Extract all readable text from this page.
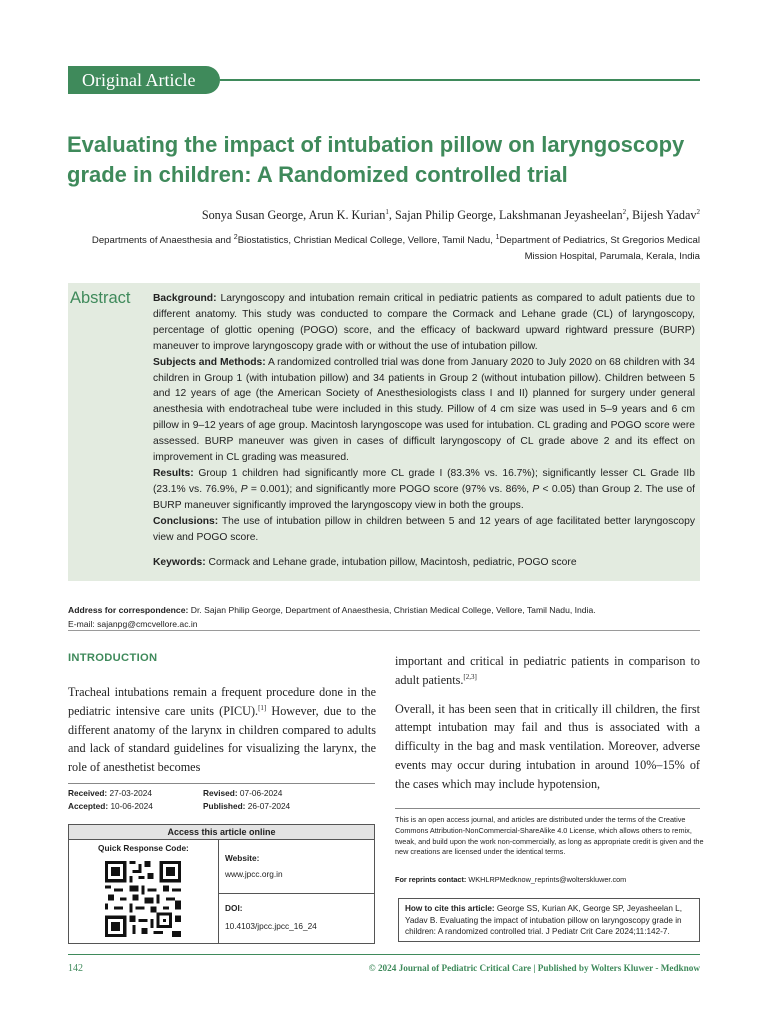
Original Article
Evaluating the impact of intubation pillow on laryngoscopy grade in children: A Randomized controlled trial
Sonya Susan George, Arun K. Kurian$^1$, Sajan Philip George, Lakshmanan Jeyasheelan$^2$, Bijesh Yadav$^2$
Departments of Anaesthesia and $^2$Biostatistics, Christian Medical College, Vellore, Tamil Nadu, $^1$Department of Pediatrics, St Gregorios Medical Mission Hospital, Parumala, Kerala, India
Abstract	Background: Laryngoscopy and intubation remain critical in pediatric patients as compared to adult patients due to different anatomy. This study was conducted to compare the Cormack and Lehane grade (CL) of laryngoscopy, percentage of glottic opening (POGO) score, and the efficacy of backward upward rightward pressure (BURP) maneuver to improve laryngoscopy grade with or without the use of intubation pillow.

Subjects and Methods: A randomized controlled trial was done from January 2020 to July 2020 on 68 children with 34 children in Group 1 (with intubation pillow) and 34 patients in Group 2 (without intubation pillow). Children between 5 and 12 years of age (the American Society of Anesthesiologists class I and II) planned for surgery under general anesthesia with endotracheal tube were included in this study. Pillow of 4 cm size was used in 5–9 years and 6 cm pillow in 9–12 years of age group. Macintosh laryngoscope was used for intubation. CL grading and POGO score were assessed. BURP maneuver was given in cases of difficult laryngoscopy of CL grade above 2 and its effect on improvement in CL grading was measured.

Results: Group 1 children had significantly more CL grade I (83.3% vs. 16.7%); significantly lesser CL Grade IIb (23.1% vs. 76.9%, P = 0.001); and significantly more POGO score (97% vs. 86%, P < 0.05) than Group 2. The use of BURP maneuver significantly improved the laryngoscopy view in both the groups.

Conclusions: The use of intubation pillow in children between 5 and 12 years of age facilitated better laryngoscopy view and POGO score.

Keywords: Cormack and Lehane grade, intubation pillow, Macintosh, pediatric, POGO score

Address for correspondence: Dr. Sajan Philip George, Department of Anaesthesia, Christian Medical College, Vellore, Tamil Nadu, India.
E-mail: sajanpg@cmcvellore.ac.in
INTRODUCTION
Tracheal intubations remain a frequent procedure done in the pediatric intensive care units (PICU).[1] However, due to the different anatomy of the larynx in children compared to adults and lack of standard guidelines for visualizing the larynx, the role of anesthetist becomes

important and critical in pediatric patients in comparison to adult patients.[2,3]

Overall, it has been seen that in critically ill children, the first attempt intubation may fail and thus is associated with a difficulty in the bag and mask ventilation. Moreover, adverse events may occur during intubation in around 10%–15% of the cases which may include hypotension,

Received: 27-03-2024	Revised: 07-06-2024
Accepted: 10-06-2024	Published: 26-07-2024
Access this article online
Quick Response Code:
Website:
www.jpcc.org.in
DOI:
10.4103/jpcc.jpcc_16_24
This is an open access journal, and articles are distributed under the terms of the Creative Commons Attribution-NonCommercial-ShareAlike 4.0 License, which allows others to remix, tweak, and build upon the work non-commercially, as long as appropriate credit is given and the new creations are licensed under the identical terms.
For reprints contact: WKHLRPMedknow_reprints@wolterskluwer.com
How to cite this article: George SS, Kurian AK, George SP, Jeyasheelan L, Yadav B. Evaluating the impact of intubation pillow on laryngoscopy grade in children: A randomized controlled trial. J Pediatr Crit Care 2024;11:142-7.
142	© 2024 Journal of Pediatric Critical Care | Published by Wolters Kluwer - Medknow
